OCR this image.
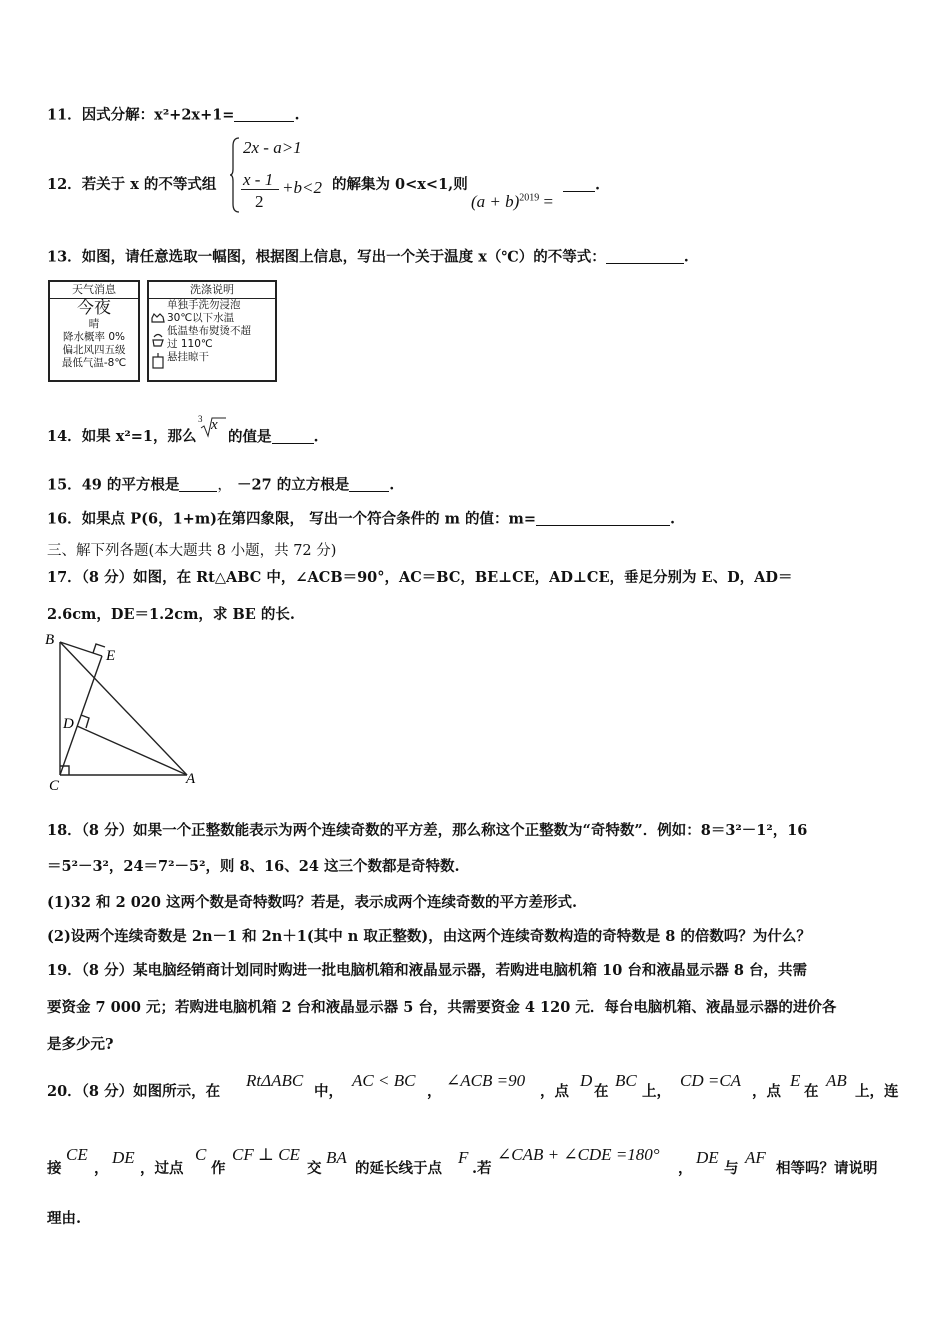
11．因式分解：x²+2x+1=	.
12．若关于 x 的不等式组
2x - a>1
x - 1
2
+b<2 的解集为 0<x<1,则
$(a + b)^{2019}$ =
.
13．如图，请任意选取一幅图，根据图上信息，写出一个关于温度 x（℃）的不等式：	.
天气消息
今夜
晴
降水概率 0%
偏北风四五级
最低气温-8℃
洗涤说明
单独手洗勿浸泡
30℃以下水温
低温垫布熨烫不超
过 110℃
悬挂晾干
14．如果 x²=1，那么
3 x
的值是	.
15．49 的平方根是	， －27 的立方根是	.
16．如果点 P(6，1+m)在第四象限， 写出一个符合条件的 m 的值：m=	.
三、解下列各题(本大题共 8 小题，共 72 分)
17．（8 分）如图，在 Rt△ABC 中，∠ACB＝90°，AC＝BC，BE⊥CE，AD⊥CE，垂足分别为 E、D，AD＝
2.6cm，DE＝1.2cm，求 BE 的长.
B
E
D
C	A
18．（8 分）如果一个正整数能表示为两个连续奇数的平方差，那么称这个正整数为“奇特数”．例如：8＝3²－1²，16
＝5²－3²，24＝7²－5²，则 8、16、24 这三个数都是奇特数.
(1)32 和 2 020 这两个数是奇特数吗？若是，表示成两个连续奇数的平方差形式.
(2)设两个连续奇数是 2n－1 和 2n＋1(其中 n 取正整数)，由这两个连续奇数构造的奇特数是 8 的倍数吗？为什么？
19．（8 分）某电脑经销商计划同时购进一批电脑机箱和液晶显示器，若购进电脑机箱 10 台和液晶显示器 8 台，共需
要资金 7 000 元；若购进电脑机箱 2 台和液晶显示器 5 台，共需要资金 4 120 元．每台电脑机箱、液晶显示器的进价各
是多少元?
20．（8 分）如图所示，在
RtΔABC
中，
AC < BC
，
∠ACB =90
，点
D
在
BC
上，
CD =CA
，点
E
在
AB
上，连
接
CE
，
DE
，过点
C
作
CF ⊥ CE
交
BA
的延长线于点
F
.若
∠CAB + ∠CDE =180°
，
DE
与
AF
相等吗？请说明
理由.
